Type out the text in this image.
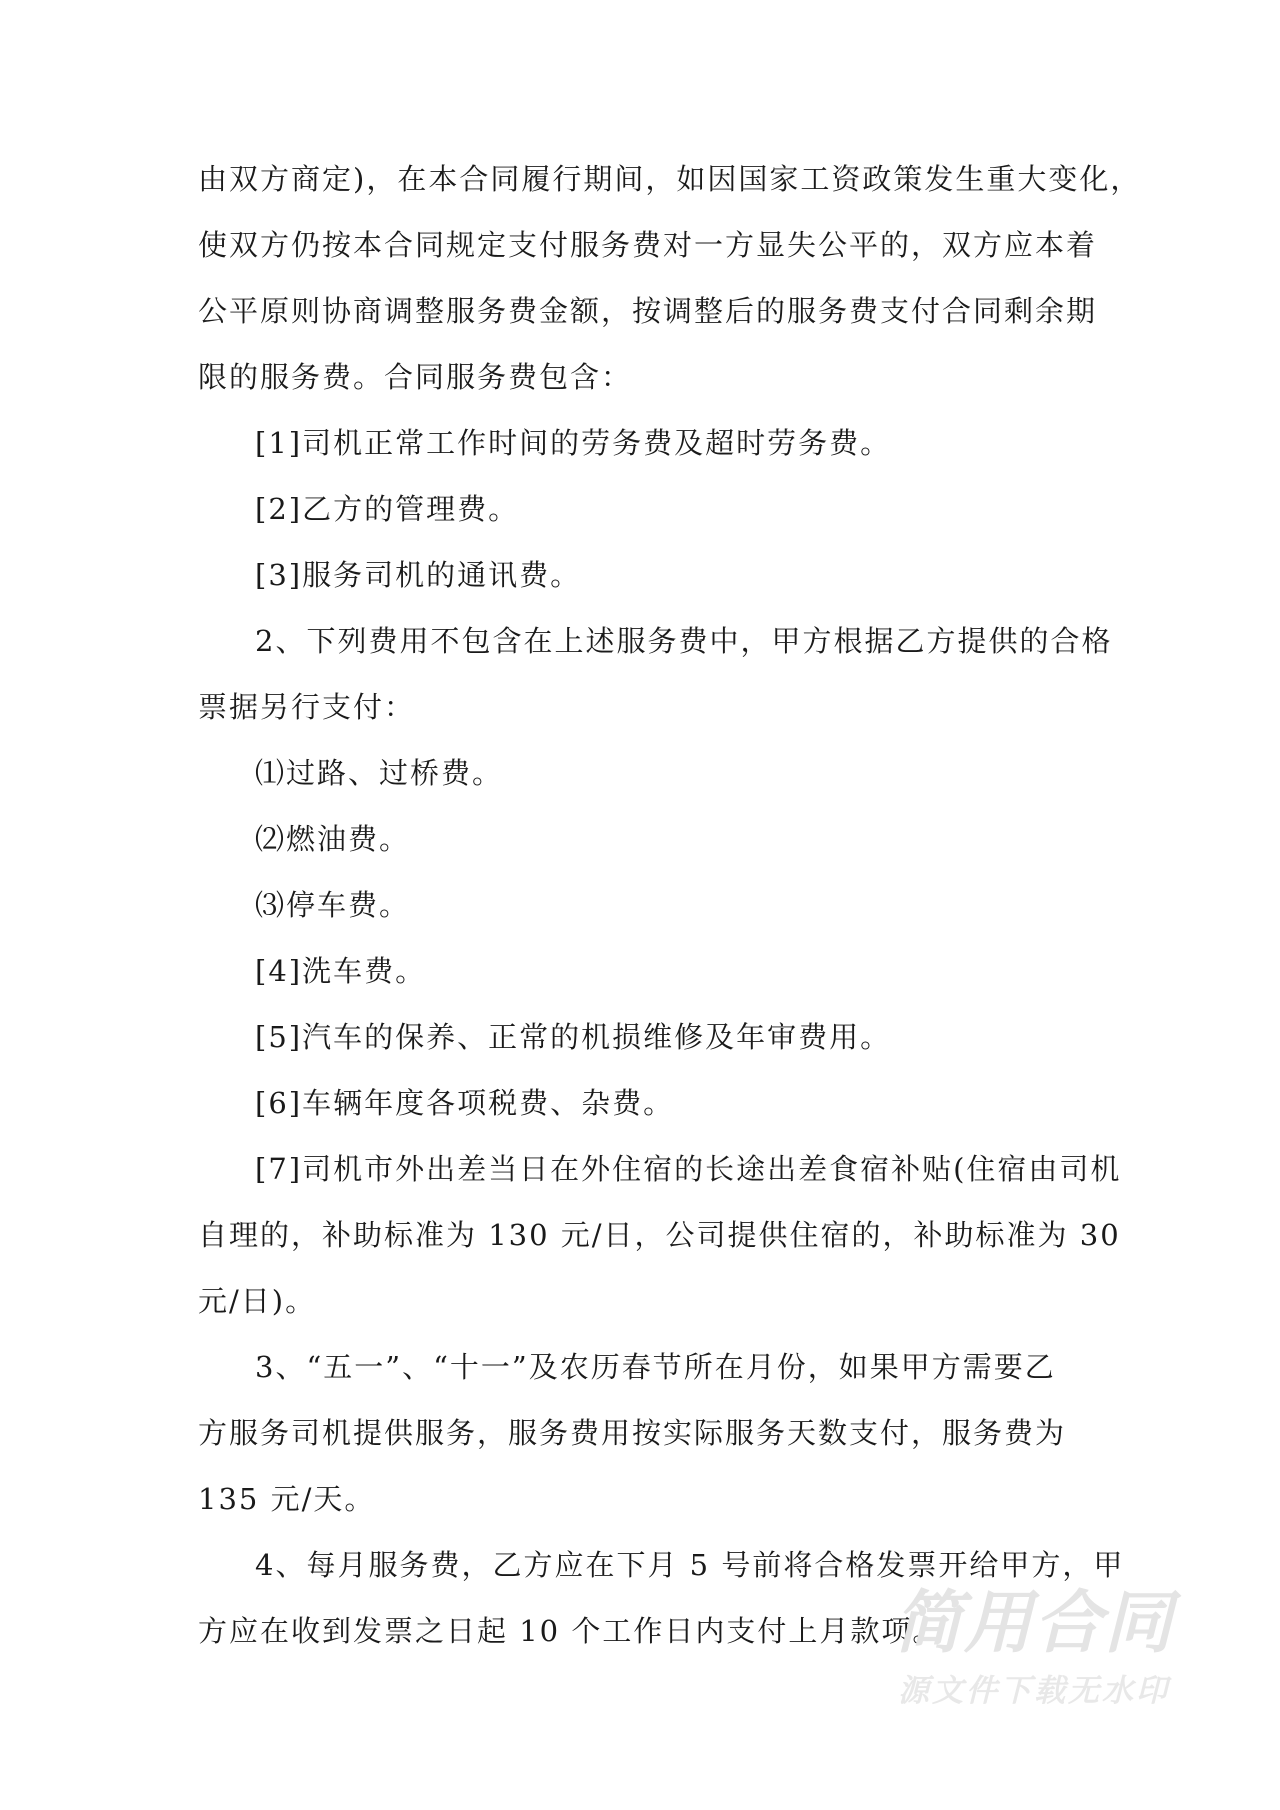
由双方商定)，在本合同履行期间，如因国家工资政策发生重大变化，
使双方仍按本合同规定支付服务费对一方显失公平的，双方应本着
公平原则协商调整服务费金额，按调整后的服务费支付合同剩余期
限的服务费。合同服务费包含：
[1]司机正常工作时间的劳务费及超时劳务费。
[2]乙方的管理费。
[3]服务司机的通讯费。
2、下列费用不包含在上述服务费中，甲方根据乙方提供的合格
票据另行支付：
⑴过路、过桥费。
⑵燃油费。
⑶停车费。
[4]洗车费。
[5]汽车的保养、正常的机损维修及年审费用。
[6]车辆年度各项税费、杂费。
[7]司机市外出差当日在外住宿的长途出差食宿补贴(住宿由司机
自理的，补助标准为 130 元/日，公司提供住宿的，补助标准为 30
元/日)。
3、“五一”、“十一”及农历春节所在月份，如果甲方需要乙
方服务司机提供服务，服务费用按实际服务天数支付，服务费为
135 元/天。
4、每月服务费，乙方应在下月 5 号前将合格发票开给甲方，甲
方应在收到发票之日起 10 个工作日内支付上月款项。
简用合同
源文件下载无水印
